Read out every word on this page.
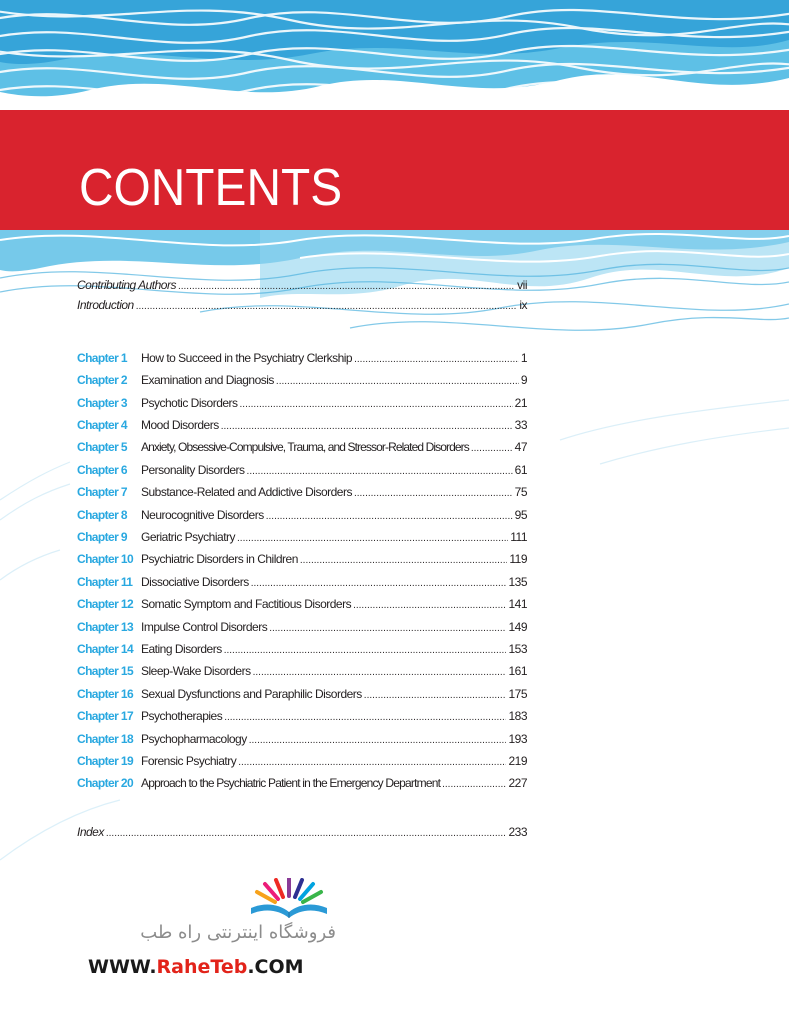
CONTENTS
Contributing Authors .....	vii
Introduction .....	ix
Chapter 1	How to Succeed in the Psychiatry Clerkship .....	1
Chapter 2	Examination and Diagnosis .....	9
Chapter 3	Psychotic Disorders .....	21
Chapter 4	Mood Disorders .....	33
Chapter 5	Anxiety, Obsessive-Compulsive, Trauma, and Stressor-Related Disorders .....	47
Chapter 6	Personality Disorders .....	61
Chapter 7	Substance-Related and Addictive Disorders .....	75
Chapter 8	Neurocognitive Disorders .....	95
Chapter 9	Geriatric Psychiatry .....	111
Chapter 10 Psychiatric Disorders in Children .....	119
Chapter 11 Dissociative Disorders .....	135
Chapter 12 Somatic Symptom and Factitious Disorders .....	141
Chapter 13 Impulse Control Disorders .....	149
Chapter 14 Eating Disorders .....	153
Chapter 15 Sleep-Wake Disorders .....	161
Chapter 16 Sexual Dysfunctions and Paraphilic Disorders .....	175
Chapter 17 Psychotherapies .....	183
Chapter 18 Psychopharmacology .....	193
Chapter 19 Forensic Psychiatry .....	219
Chapter 20 Approach to the Psychiatric Patient in the Emergency Department .....	227
Index .....	233
فروشگاه اینترنتی راه طب
WWW.RaheTeb.COM
